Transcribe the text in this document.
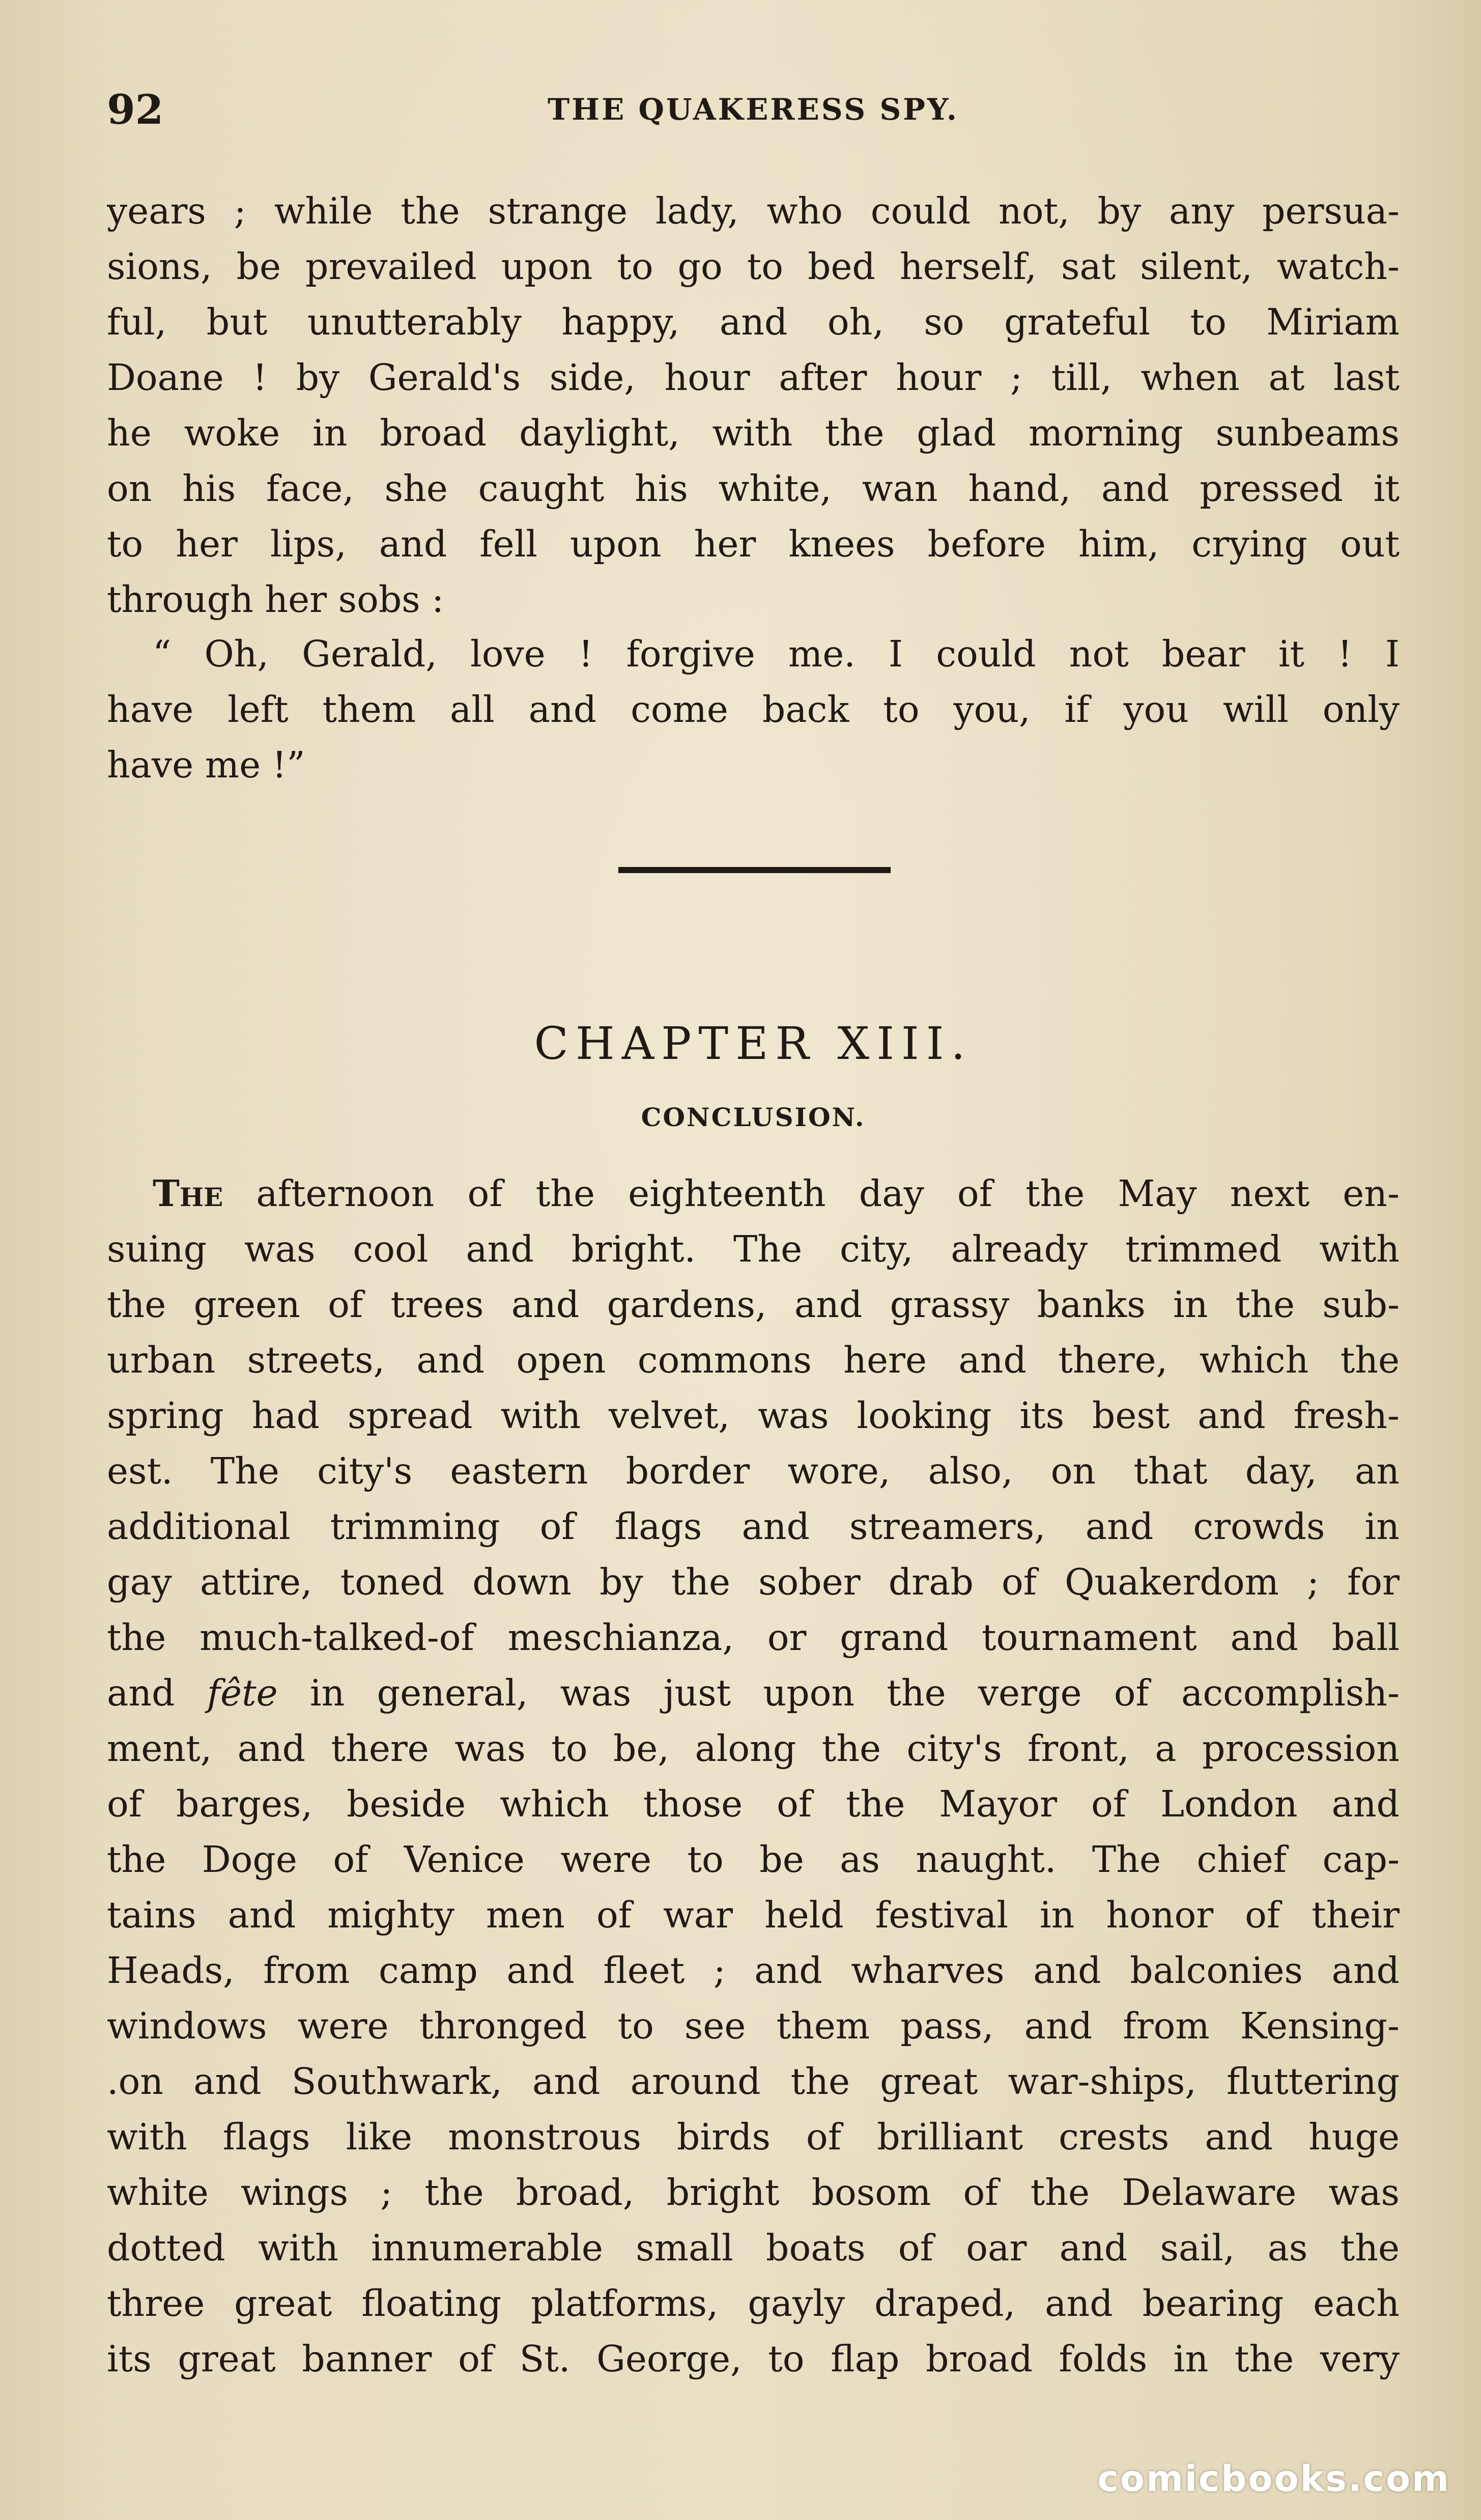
92	THE QUAKERESS SPY.
years ; while the strange lady, who could not, by any persua-
sions, be prevailed upon to go to bed herself, sat silent, watch-
ful, but unutterably happy, and oh, so grateful to Miriam
Doane ! by Gerald's side, hour after hour ; till, when at last
he woke in broad daylight, with the glad morning sunbeams
on his face, she caught his white, wan hand, and pressed it
to her lips, and fell upon her knees before him, crying out
through her sobs :
“ Oh, Gerald, love ! forgive me. I could not bear it ! I
have left them all and come back to you, if you will only
have me !”
CHAPTER XIII.
CONCLUSION.
The afternoon of the eighteenth day of the May next en-
suing was cool and bright. The city, already trimmed with
the green of trees and gardens, and grassy banks in the sub-
urban streets, and open commons here and there, which the
spring had spread with velvet, was looking its best and fresh-
est. The city's eastern border wore, also, on that day, an
additional trimming of flags and streamers, and crowds in
gay attire, toned down by the sober drab of Quakerdom ; for
the much-talked-of meschianza, or grand tournament and ball
and fête in general, was just upon the verge of accomplish-
ment, and there was to be, along the city's front, a procession
of barges, beside which those of the Mayor of London and
the Doge of Venice were to be as naught. The chief cap-
tains and mighty men of war held festival in honor of their
Heads, from camp and fleet ; and wharves and balconies and
windows were thronged to see them pass, and from Kensing-
.on and Southwark, and around the great war-ships, fluttering
with flags like monstrous birds of brilliant crests and huge
white wings ; the broad, bright bosom of the Delaware was
dotted with innumerable small boats of oar and sail, as the
three great floating platforms, gayly draped, and bearing each
its great banner of St. George, to flap broad folds in the very
comicbooks.com
